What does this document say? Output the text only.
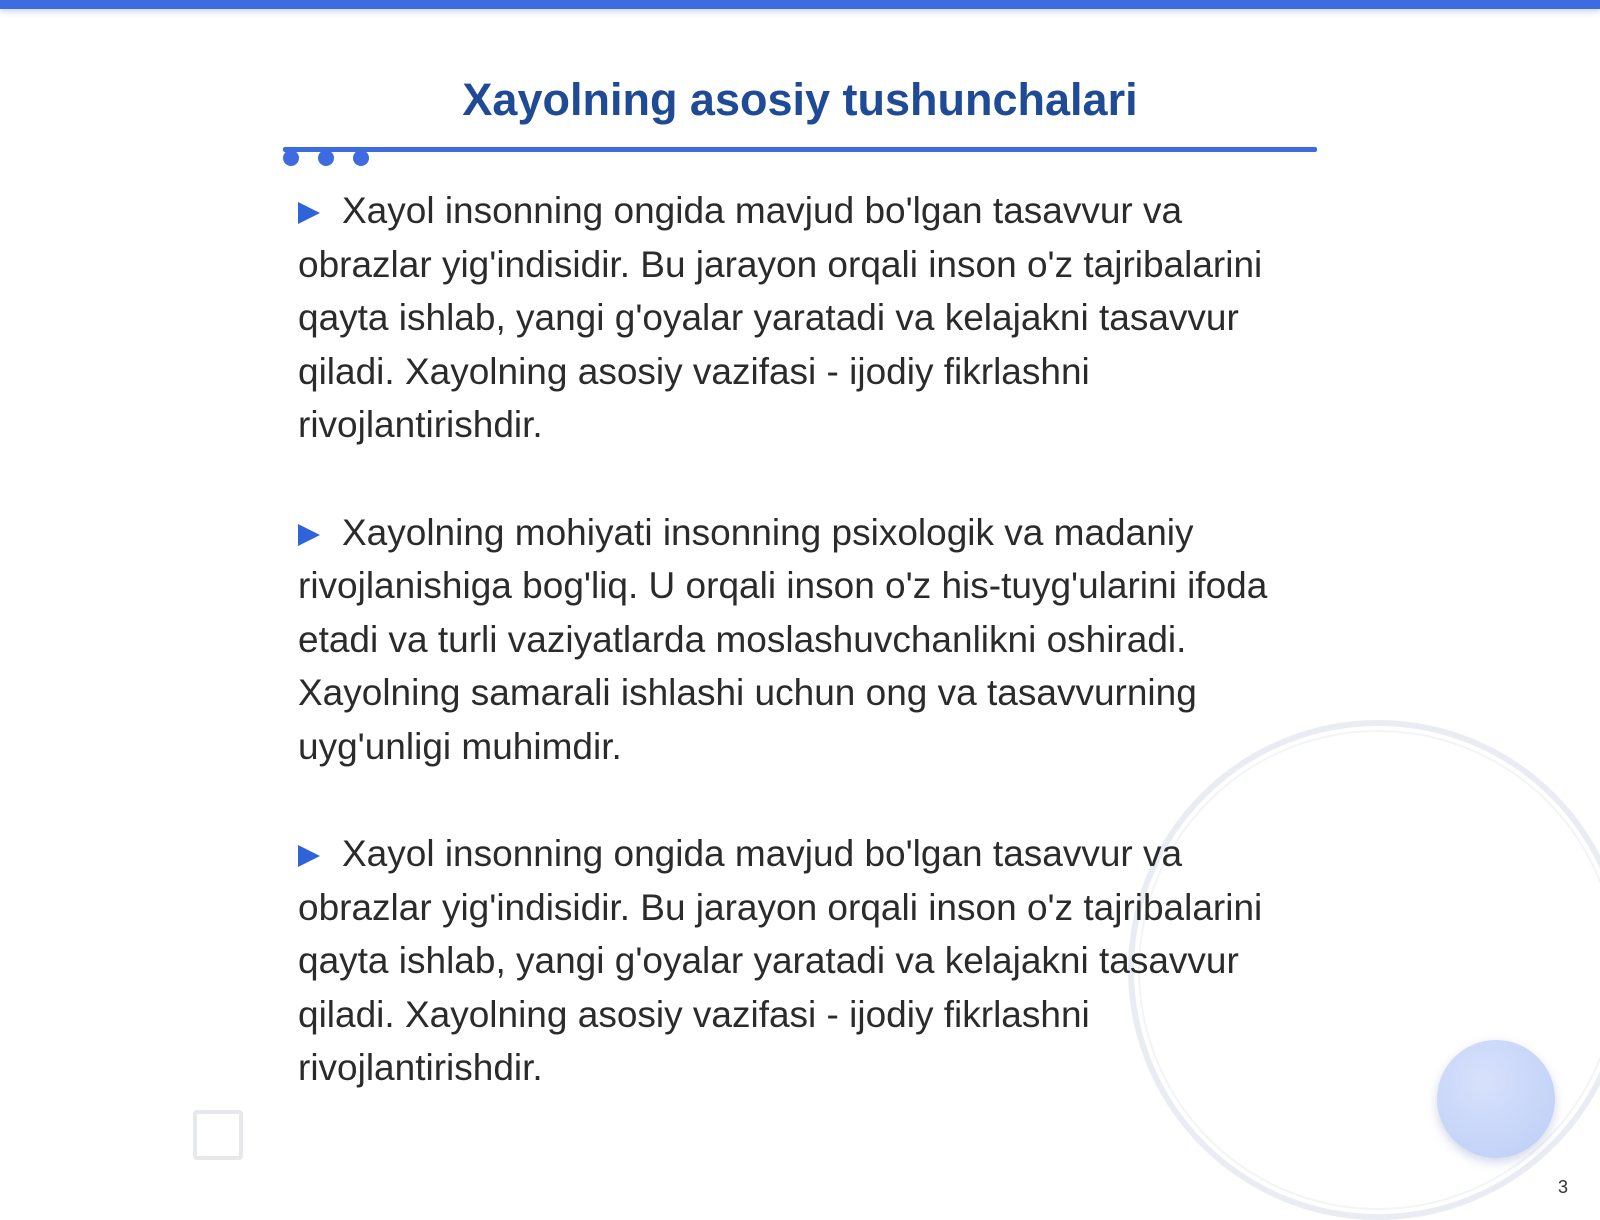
Xayolning asosiy tushunchalari

Xayol insonning ongida mavjud bo'lgan tasavvur va obrazlar yig'indisidir. Bu jarayon orqali inson o'z tajribalarini qayta ishlab, yangi g'oyalar yaratadi va kelajakni tasavvur qiladi. Xayolning asosiy vazifasi - ijodiy fikrlashni rivojlantirishdir.

Xayolning mohiyati insonning psixologik va madaniy rivojlanishiga bog'liq. U orqali inson o'z his-tuyg'ularini ifoda etadi va turli vaziyatlarda moslashuvchanlikni oshiradi. Xayolning samarali ishlashi uchun ong va tasavvurning uyg'unligi muhimdir.

Xayol insonning ongida mavjud bo'lgan tasavvur va obrazlar yig'indisidir. Bu jarayon orqali inson o'z tajribalarini qayta ishlab, yangi g'oyalar yaratadi va kelajakni tasavvur qiladi. Xayolning asosiy vazifasi - ijodiy fikrlashni rivojlantirishdir.

3
